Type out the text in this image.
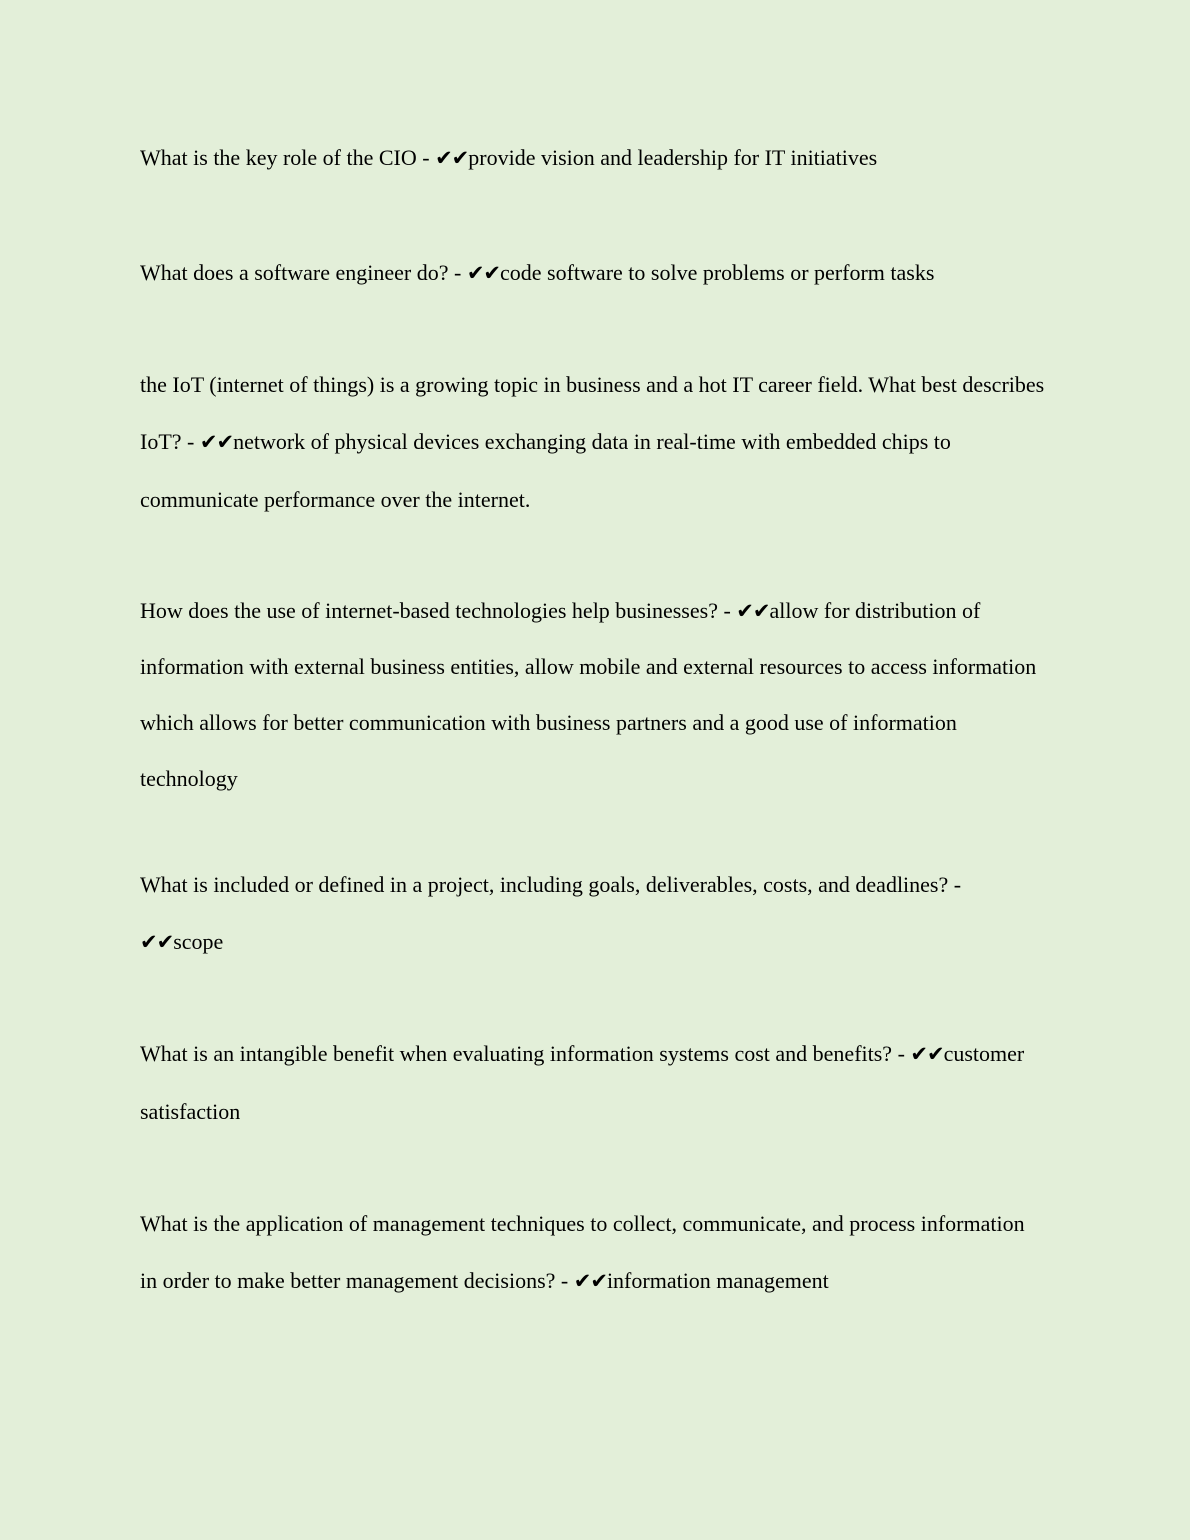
What is the key role of the CIO - ✔✔provide vision and leadership for IT initiatives

What does a software engineer do? - ✔✔code software to solve problems or perform tasks

the IoT (internet of things) is a growing topic in business and a hot IT career field. What best describes IoT? - ✔✔network of physical devices exchanging data in real-time with embedded chips to communicate performance over the internet.

How does the use of internet-based technologies help businesses? - ✔✔allow for distribution of information with external business entities, allow mobile and external resources to access information which allows for better communication with business partners and a good use of information technology

What is included or defined in a project, including goals, deliverables, costs, and deadlines? - ✔✔scope

What is an intangible benefit when evaluating information systems cost and benefits? - ✔✔customer satisfaction

What is the application of management techniques to collect, communicate, and process information in order to make better management decisions? - ✔✔information management
